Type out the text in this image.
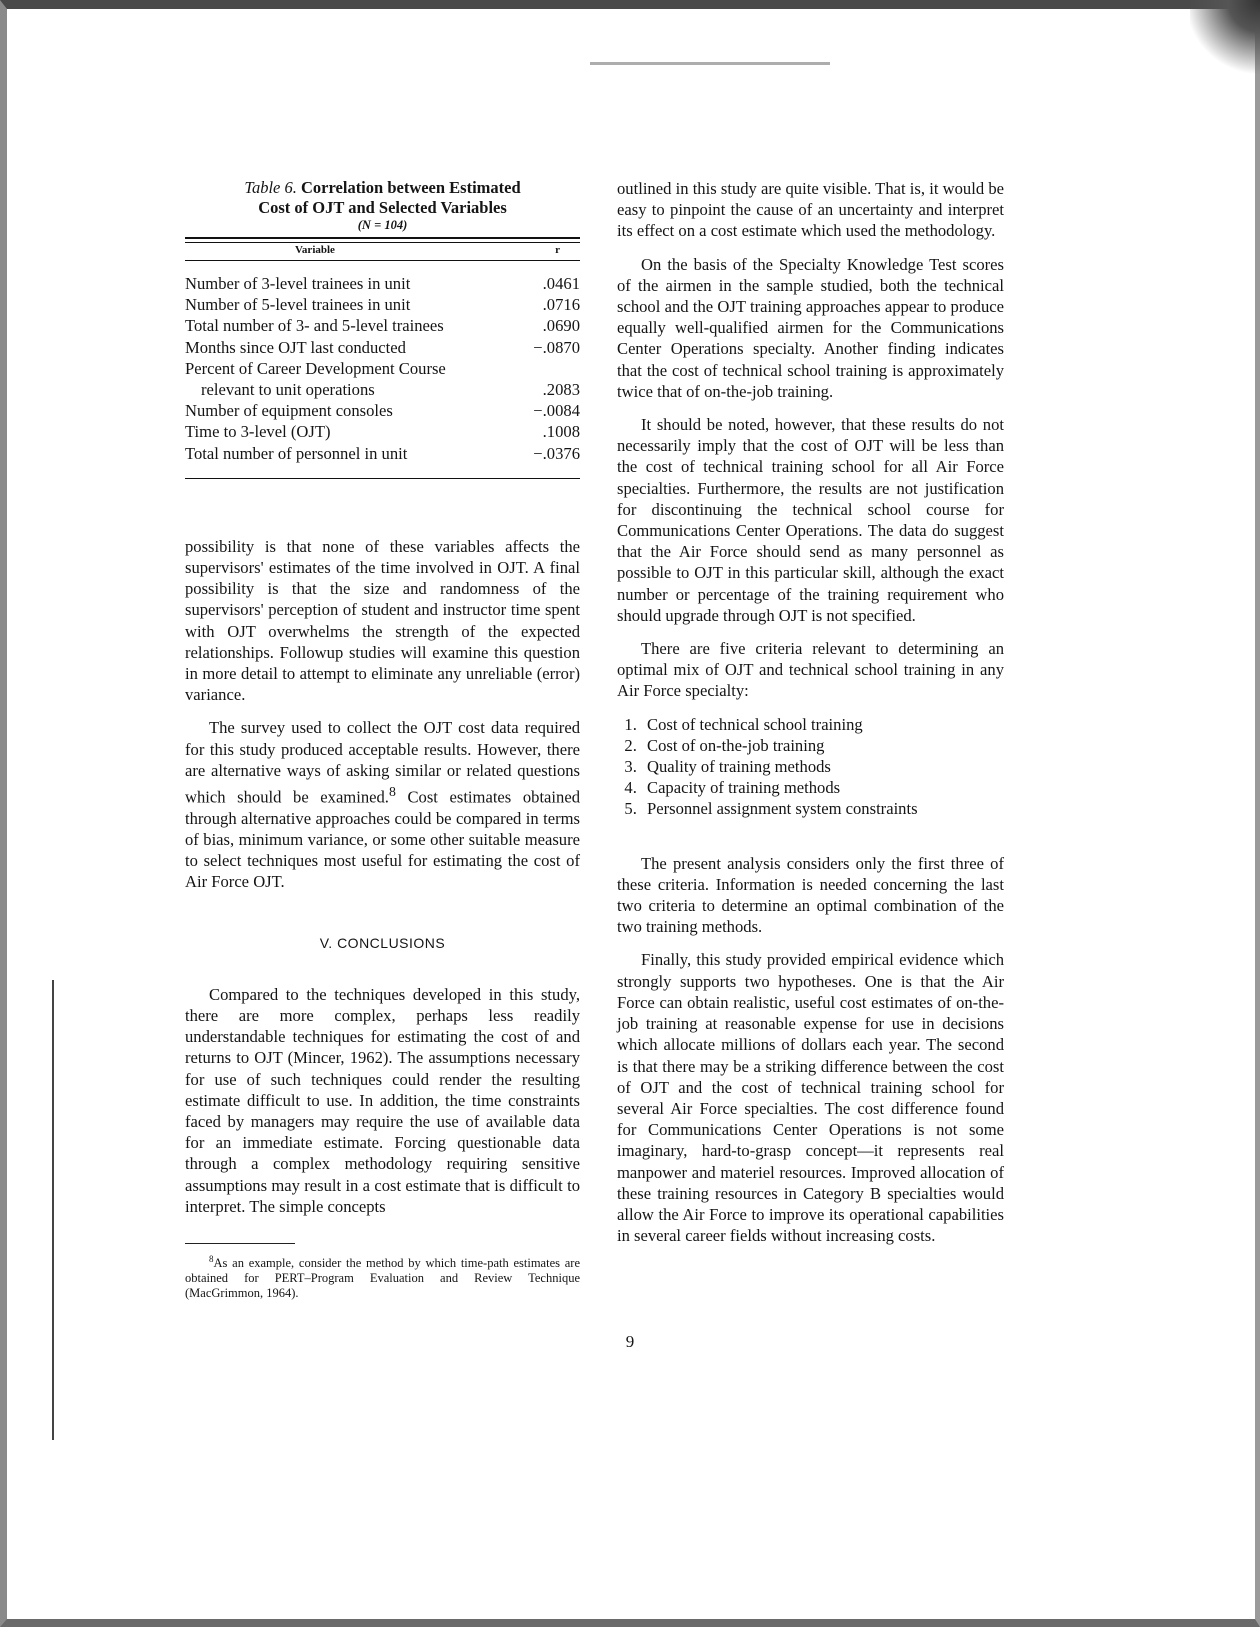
Table 6. Correlation between Estimated
Cost of OJT and Selected Variables
(N = 104)
Variable	r
Number of 3-level trainees in unit	.0461
Number of 5-level trainees in unit	.0716
Total number of 3- and 5-level trainees	.0690
Months since OJT last conducted	−.0870
Percent of Career Development Course
relevant to unit operations	.2083
Number of equipment consoles	−.0084
Time to 3-level (OJT)	.1008
Total number of personnel in unit	−.0376

possibility is that none of these variables affects the supervisors' estimates of the time involved in OJT. A final possibility is that the size and randomness of the supervisors' perception of student and instructor time spent with OJT overwhelms the strength of the expected relationships. Followup studies will examine this question in more detail to attempt to eliminate any unreliable (error) variance.

The survey used to collect the OJT cost data required for this study produced acceptable results. However, there are alternative ways of asking similar or related questions which should be examined.$^8$ Cost estimates obtained through alternative approaches could be compared in terms of bias, minimum variance, or some other suitable measure to select techniques most useful for estimating the cost of Air Force OJT.

V. CONCLUSIONS

Compared to the techniques developed in this study, there are more complex, perhaps less readily understandable techniques for estimating the cost of and returns to OJT (Mincer, 1962). The assumptions necessary for use of such techniques could render the resulting estimate difficult to use. In addition, the time constraints faced by managers may require the use of available data for an immediate estimate. Forcing questionable data through a complex methodology requiring sensitive assumptions may result in a cost estimate that is difficult to interpret. The simple concepts

$^8$As an example, consider the method by which time-path estimates are obtained for PERT–Program Evaluation and Review Technique (MacGrimmon, 1964).

outlined in this study are quite visible. That is, it would be easy to pinpoint the cause of an uncertainty and interpret its effect on a cost estimate which used the methodology.

On the basis of the Specialty Knowledge Test scores of the airmen in the sample studied, both the technical school and the OJT training approaches appear to produce equally well-qualified airmen for the Communications Center Operations specialty. Another finding indicates that the cost of technical school training is approximately twice that of on-the-job training.

It should be noted, however, that these results do not necessarily imply that the cost of OJT will be less than the cost of technical training school for all Air Force specialties. Furthermore, the results are not justification for discontinuing the technical school course for Communications Center Operations. The data do suggest that the Air Force should send as many personnel as possible to OJT in this particular skill, although the exact number or percentage of the training requirement who should upgrade through OJT is not specified.

There are five criteria relevant to determining an optimal mix of OJT and technical school training in any Air Force specialty:

1. Cost of technical school training
2. Cost of on-the-job training
3. Quality of training methods
4. Capacity of training methods
5. Personnel assignment system constraints

The present analysis considers only the first three of these criteria. Information is needed concerning the last two criteria to determine an optimal combination of the two training methods.

Finally, this study provided empirical evidence which strongly supports two hypotheses. One is that the Air Force can obtain realistic, useful cost estimates of on-the-job training at reasonable expense for use in decisions which allocate millions of dollars each year. The second is that there may be a striking difference between the cost of OJT and the cost of technical training school for several Air Force specialties. The cost difference found for Communications Center Operations is not some imaginary, hard-to-grasp concept—it represents real manpower and materiel resources. Improved allocation of these training resources in Category B specialties would allow the Air Force to improve its operational capabilities in several career fields without increasing costs.

9
